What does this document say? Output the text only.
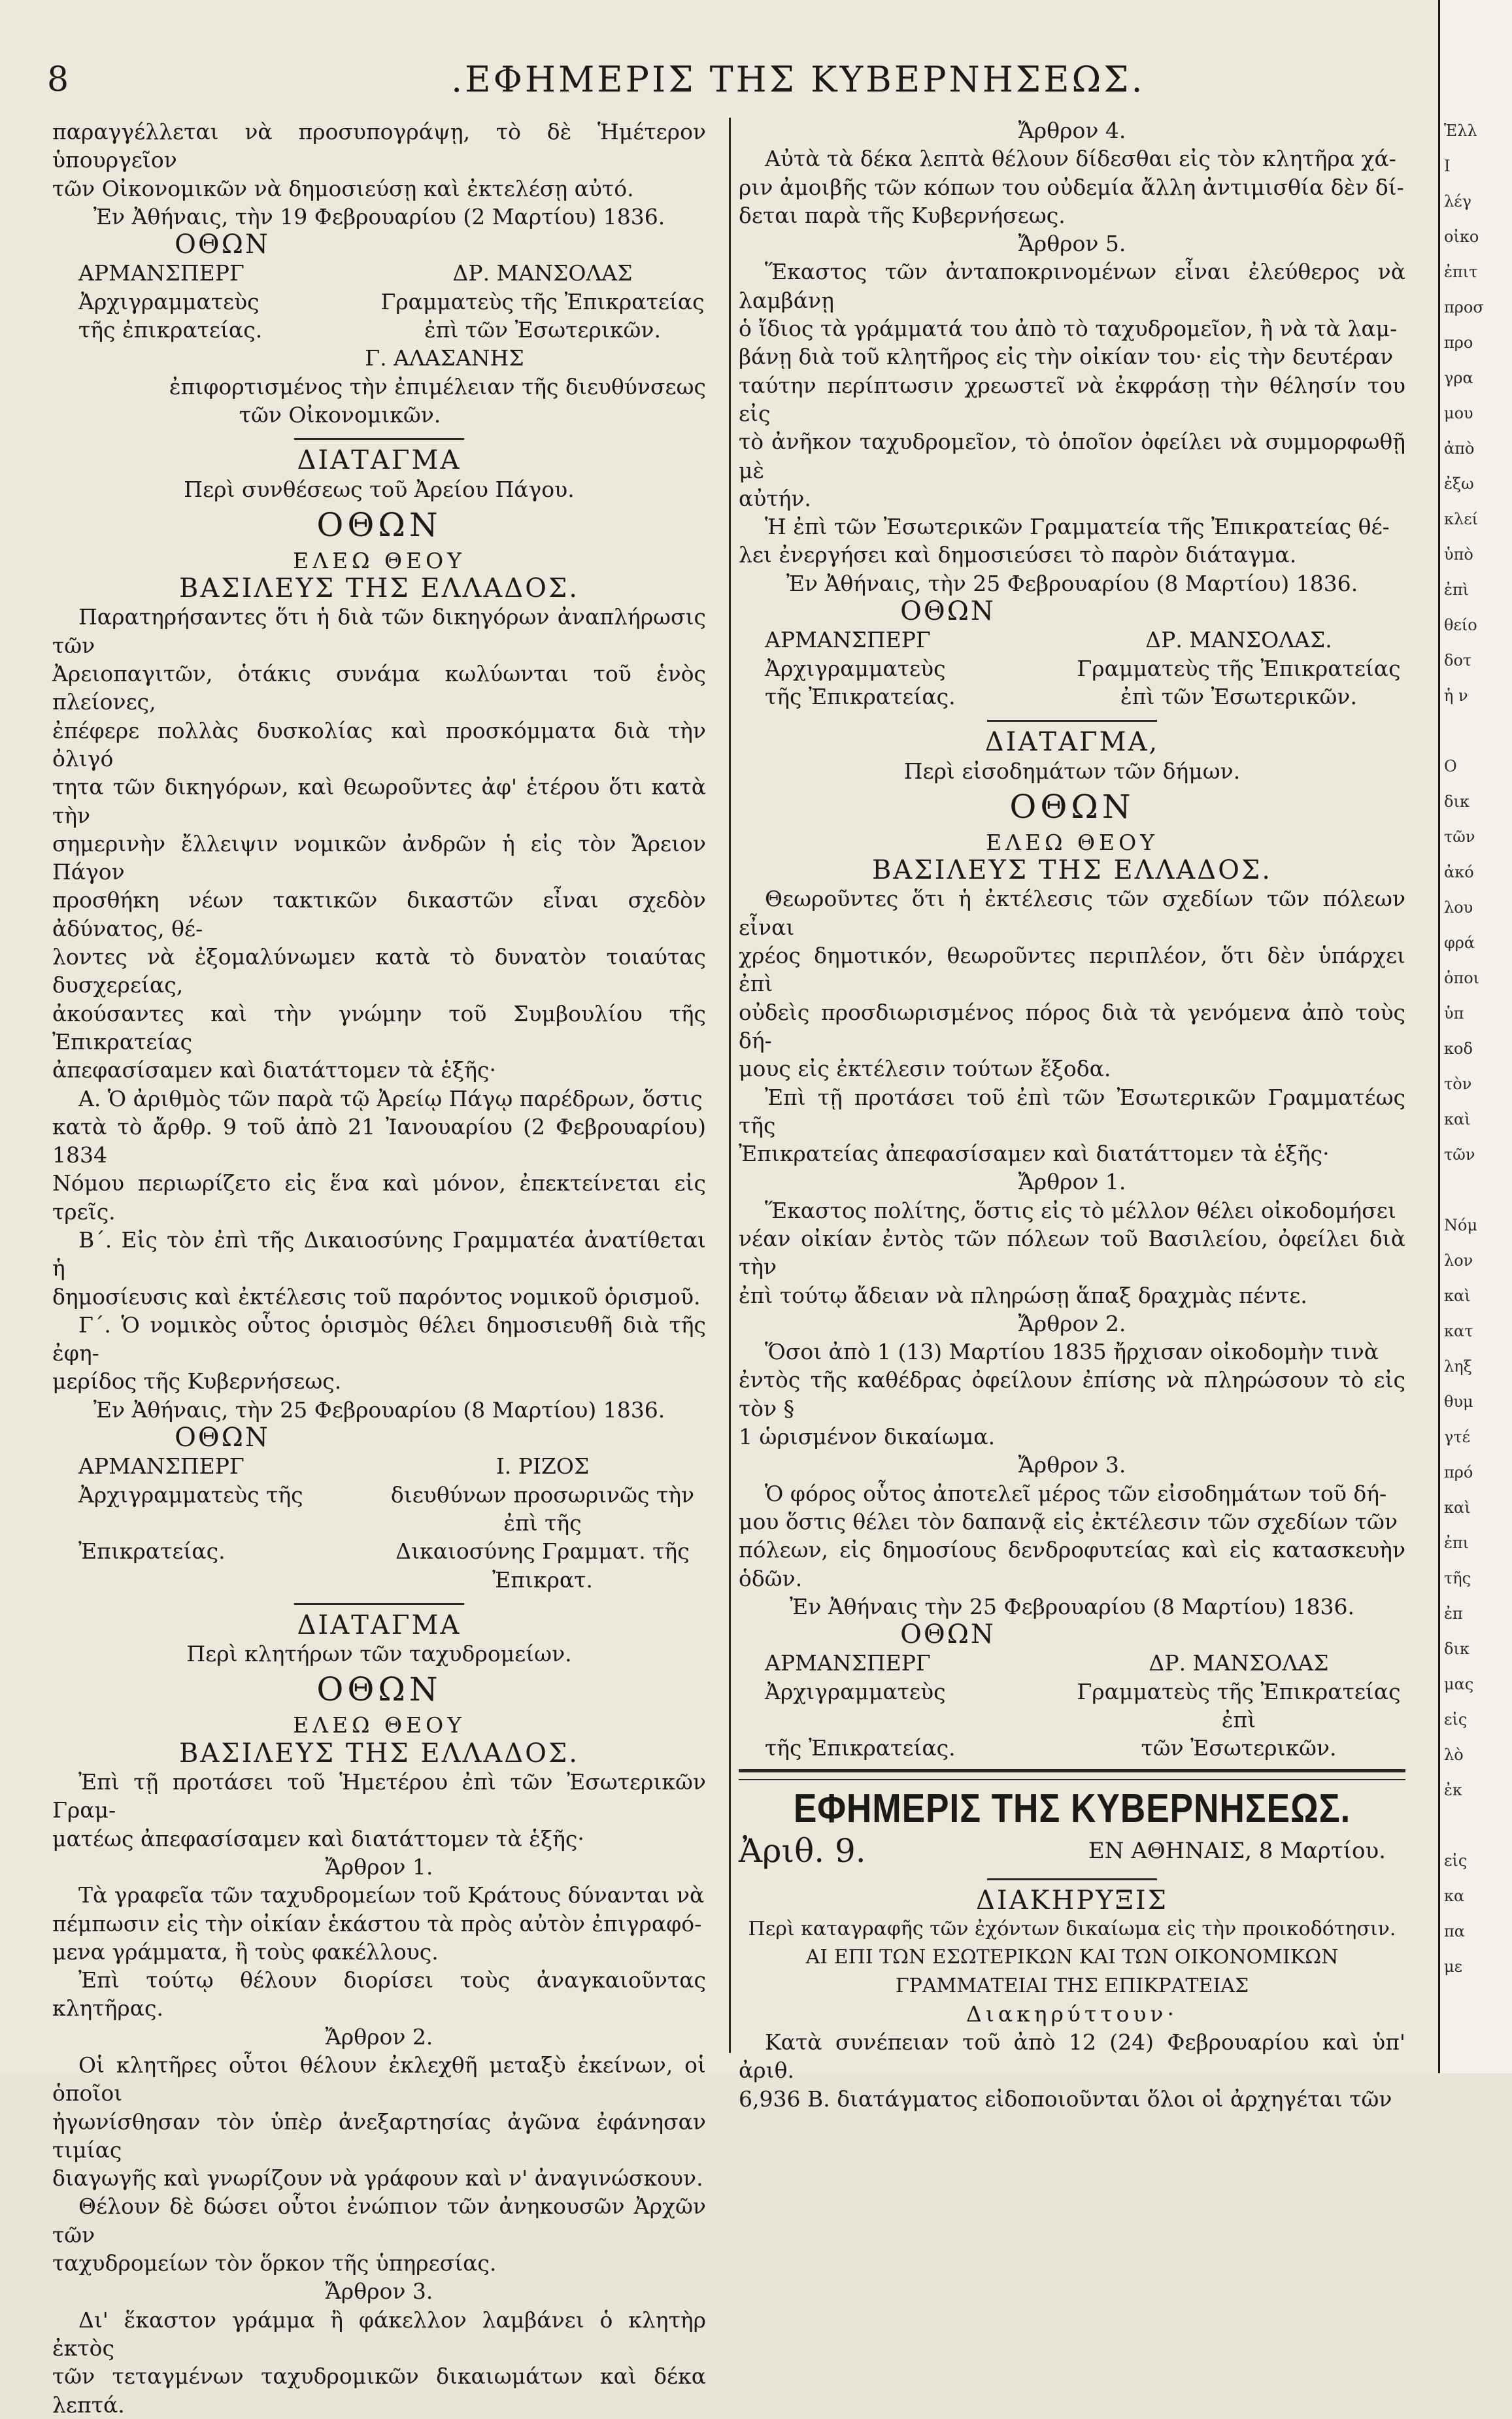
8	.ΕΦΗΜΕΡΙΣ ΤΗΣ ΚΥΒΕΡΝΗΣΕΩΣ.

παραγγέλλεται νὰ προσυπογράψῃ, τὸ δὲ Ἡμέτερον ὑπουργεῖον

τῶν Οἰκονομικῶν νὰ δημοσιεύσῃ καὶ ἐκτελέσῃ αὐτό.

Ἐν Ἀθήναις, τὴν 19 Φεβρουαρίου (2 Μαρτίου) 1836.

ΟΘΩΝ

ΑΡΜΑΝΣΠΕΡΓ	ΔΡ. ΜΑΝΣΟΛΑΣ
Ἀρχιγραμματεὺς	Γραμματεὺς τῆς Ἐπικρατείας
τῆς ἐπικρατείας.	ἐπὶ τῶν Ἐσωτερικῶν.

Γ. ΑΛΑΣΑΝΗΣ

ἐπιφορτισμένος τὴν ἐπιμέλειαν τῆς διευθύνσεως

τῶν Οἰκονομικῶν.

ΔΙΑΤΑΓΜΑ

Περὶ συνθέσεως τοῦ Ἀρείου Πάγου.

ΟΘΩΝ

ΕΛΕΩ ΘΕΟΥ

ΒΑΣΙΛΕΥΣ ΤΗΣ ΕΛΛΑΔΟΣ.

Παρατηρήσαντες ὅτι ἡ διὰ τῶν δικηγόρων ἀναπλήρωσις τῶν

Ἀρειοπαγιτῶν, ὁτάκις συνάμα κωλύωνται τοῦ ἑνὸς πλείονες,

ἐπέφερε πολλὰς δυσκολίας καὶ προσκόμματα διὰ τὴν ὀλιγό

τητα τῶν δικηγόρων, καὶ θεωροῦντες ἀφ' ἑτέρου ὅτι κατὰ τὴν

σημερινὴν ἔλλειψιν νομικῶν ἀνδρῶν ἡ εἰς τὸν Ἄρειον Πάγον

προσθήκη νέων τακτικῶν δικαστῶν εἶναι σχεδὸν ἀδύνατος, θέ-

λοντες νὰ ἐξομαλύνωμεν κατὰ τὸ δυνατὸν τοιαύτας δυσχερείας,

ἀκούσαντες καὶ τὴν γνώμην τοῦ Συμβουλίου τῆς Ἐπικρατείας

ἀπεφασίσαμεν καὶ διατάττομεν τὰ ἑξῆς·

Α. Ὁ ἀριθμὸς τῶν παρὰ τῷ Ἀρείῳ Πάγῳ παρέδρων, ὅστις

κατὰ τὸ ἄρθρ. 9 τοῦ ἀπὸ 21 Ἰανουαρίου (2 Φεβρουαρίου) 1834

Νόμου περιωρίζετο εἰς ἕνα καὶ μόνον, ἐπεκτείνεται εἰς τρεῖς.

Β΄. Εἰς τὸν ἐπὶ τῆς Δικαιοσύνης Γραμματέα ἀνατίθεται ἡ

δημοσίευσις καὶ ἐκτέλεσις τοῦ παρόντος νομικοῦ ὁρισμοῦ.

Γ΄. Ὁ νομικὸς οὗτος ὁρισμὸς θέλει δημοσιευθῆ διὰ τῆς ἐφη-

μερίδος τῆς Κυβερνήσεως.

Ἐν Ἀθήναις, τὴν 25 Φεβρουαρίου (8 Μαρτίου) 1836.

ΟΘΩΝ

ΑΡΜΑΝΣΠΕΡΓ	Ι. ΡΙΖΟΣ
Ἀρχιγραμματεὺς τῆς	διευθύνων προσωρινῶς τὴν ἐπὶ τῆς
Ἐπικρατείας.	Δικαιοσύνης Γραμματ. τῆς Ἐπικρατ.

ΔΙΑΤΑΓΜΑ

Περὶ κλητήρων τῶν ταχυδρομείων.

ΟΘΩΝ

ΕΛΕΩ ΘΕΟΥ

ΒΑΣΙΛΕΥΣ ΤΗΣ ΕΛΛΑΔΟΣ.

Ἐπὶ τῇ προτάσει τοῦ Ἡμετέρου ἐπὶ τῶν Ἐσωτερικῶν Γραμ-

ματέως ἀπεφασίσαμεν καὶ διατάττομεν τὰ ἑξῆς·

Ἄρθρον 1.

Τὰ γραφεῖα τῶν ταχυδρομείων τοῦ Κράτους δύνανται νὰ

πέμπωσιν εἰς τὴν οἰκίαν ἑκάστου τὰ πρὸς αὐτὸν ἐπιγραφό-

μενα γράμματα, ἢ τοὺς φακέλλους.

Ἐπὶ τούτῳ θέλουν διορίσει τοὺς ἀναγκαιοῦντας κλητῆρας.

Ἄρθρον 2.

Οἱ κλητῆρες οὗτοι θέλουν ἐκλεχθῆ μεταξὺ ἐκείνων, οἱ ὁποῖοι

ἠγωνίσθησαν τὸν ὑπὲρ ἀνεξαρτησίας ἀγῶνα ἐφάνησαν τιμίας

διαγωγῆς καὶ γνωρίζουν νὰ γράφουν καὶ ν' ἀναγινώσκουν.

Θέλουν δὲ δώσει οὗτοι ἐνώπιον τῶν ἀνηκουσῶν Ἀρχῶν τῶν

ταχυδρομείων τὸν ὅρκον τῆς ὑπηρεσίας.

Ἄρθρον 3.

Δι' ἕκαστον γράμμα ἢ φάκελλον λαμβάνει ὁ κλητὴρ ἐκτὸς

τῶν τεταγμένων ταχυδρομικῶν δικαιωμάτων καὶ δέκα λεπτά.

Ἄρθρον 4.

Αὐτὰ τὰ δέκα λεπτὰ θέλουν δίδεσθαι εἰς τὸν κλητῆρα χά-

ριν ἀμοιβῆς τῶν κόπων του οὐδεμία ἄλλη ἀντιμισθία δὲν δί-

δεται παρὰ τῆς Κυβερνήσεως.

Ἄρθρον 5.

Ἕκαστος τῶν ἀνταποκρινομένων εἶναι ἐλεύθερος νὰ λαμβάνῃ

ὁ ἴδιος τὰ γράμματά του ἀπὸ τὸ ταχυδρομεῖον, ἢ νὰ τὰ λαμ-

βάνῃ διὰ τοῦ κλητῆρος εἰς τὴν οἰκίαν του· εἰς τὴν δευτέραν

ταύτην περίπτωσιν χρεωστεῖ νὰ ἐκφράσῃ τὴν θέλησίν του εἰς

τὸ ἀνῆκον ταχυδρομεῖον, τὸ ὁποῖον ὀφείλει νὰ συμμορφωθῇ μὲ

αὐτήν.

Ἡ ἐπὶ τῶν Ἐσωτερικῶν Γραμματεία τῆς Ἐπικρατείας θέ-

λει ἐνεργήσει καὶ δημοσιεύσει τὸ παρὸν διάταγμα.

Ἐν Ἀθήναις, τὴν 25 Φεβρουαρίου (8 Μαρτίου) 1836.

ΟΘΩΝ

ΑΡΜΑΝΣΠΕΡΓ	ΔΡ. ΜΑΝΣΟΛΑΣ.
Ἀρχιγραμματεὺς	Γραμματεὺς τῆς Ἐπικρατείας
τῆς Ἐπικρατείας.	ἐπὶ τῶν Ἐσωτερικῶν.

ΔΙΑΤΑΓΜΑ,

Περὶ εἰσοδημάτων τῶν δήμων.

ΟΘΩΝ

ΕΛΕΩ ΘΕΟΥ

ΒΑΣΙΛΕΥΣ ΤΗΣ ΕΛΛΑΔΟΣ.

Θεωροῦντες ὅτι ἡ ἐκτέλεσις τῶν σχεδίων τῶν πόλεων εἶναι

χρέος δημοτικόν, θεωροῦντες περιπλέον, ὅτι δὲν ὑπάρχει ἐπὶ

οὐδεὶς προσδιωρισμένος πόρος διὰ τὰ γενόμενα ἀπὸ τοὺς δή-

μους εἰς ἐκτέλεσιν τούτων ἔξοδα.

Ἐπὶ τῇ προτάσει τοῦ ἐπὶ τῶν Ἐσωτερικῶν Γραμματέως τῆς

Ἐπικρατείας ἀπεφασίσαμεν καὶ διατάττομεν τὰ ἑξῆς·

Ἄρθρον 1.

Ἕκαστος πολίτης, ὅστις εἰς τὸ μέλλον θέλει οἰκοδομήσει

νέαν οἰκίαν ἐντὸς τῶν πόλεων τοῦ Βασιλείου, ὀφείλει διὰ τὴν

ἐπὶ τούτῳ ἄδειαν νὰ πληρώσῃ ἅπαξ δραχμὰς πέντε.

Ἄρθρον 2.

Ὅσοι ἀπὸ 1 (13) Μαρτίου 1835 ἤρχισαν οἰκοδομὴν τινὰ

ἐντὸς τῆς καθέδρας ὀφείλουν ἐπίσης νὰ πληρώσουν τὸ εἰς τὸν §

1 ὡρισμένον δικαίωμα.

Ἄρθρον 3.

Ὁ φόρος οὗτος ἀποτελεῖ μέρος τῶν εἰσοδημάτων τοῦ δή-

μου ὅστις θέλει τὸν δαπανᾷ εἰς ἐκτέλεσιν τῶν σχεδίων τῶν

πόλεων, εἰς δημοσίους δενδροφυτείας καὶ εἰς κατασκευὴν ὁδῶν.

Ἐν Ἀθήναις τὴν 25 Φεβρουαρίου (8 Μαρτίου) 1836.

ΟΘΩΝ

ΑΡΜΑΝΣΠΕΡΓ	ΔΡ. ΜΑΝΣΟΛΑΣ
Ἀρχιγραμματεὺς	Γραμματεὺς τῆς Ἐπικρατείας ἐπὶ
τῆς Ἐπικρατείας.	τῶν Ἐσωτερικῶν.

ΕΦΗΜΕΡΙΣ ΤΗΣ ΚΥΒΕΡΝΗΣΕΩΣ.

Ἀριθ. 9.	ΕΝ ΑΘΗΝΑΙΣ, 8 Μαρτίου.

ΔΙΑΚΗΡΥΞΙΣ

Περὶ καταγραφῆς τῶν ἐχόντων δικαίωμα εἰς τὴν προικοδότησιν.

ΑΙ ΕΠΙ ΤΩΝ ΕΣΩΤΕΡΙΚΩΝ ΚΑΙ ΤΩΝ ΟΙΚΟΝΟΜΙΚΩΝ

ΓΡΑΜΜΑΤΕΙΑΙ ΤΗΣ ΕΠΙΚΡΑΤΕΙΑΣ

Διακηρύττουν·

Κατὰ συνέπειαν τοῦ ἀπὸ 12 (24) Φεβρουαρίου καὶ ὑπ' ἀριθ.

6,936 Β. διατάγματος εἰδοποιοῦνται ὅλοι οἱ ἀρχηγέται τῶν

Ἑλλ
Ι
λέγ
οἰκο
ἐπιτ
προσ
προ
γρα
μου
ἀπὸ
ἐξω
κλεί
ὑπὸ
ἐπὶ
θείο
δοτ
ἡ ν
Ο
δικ
τῶν
ἀκό
λου
φρά
ὁποι
ὑπ
κοδ
τὸν
καὶ
τῶν
Νόμ
λον
καὶ
κατ
ληξ
θυμ
γτέ
πρό
καὶ
ἐπι
τῆς
ἐπ
δικ
μας
εἰς
λὸ
ἐκ
εἰς
κα
πα
με
